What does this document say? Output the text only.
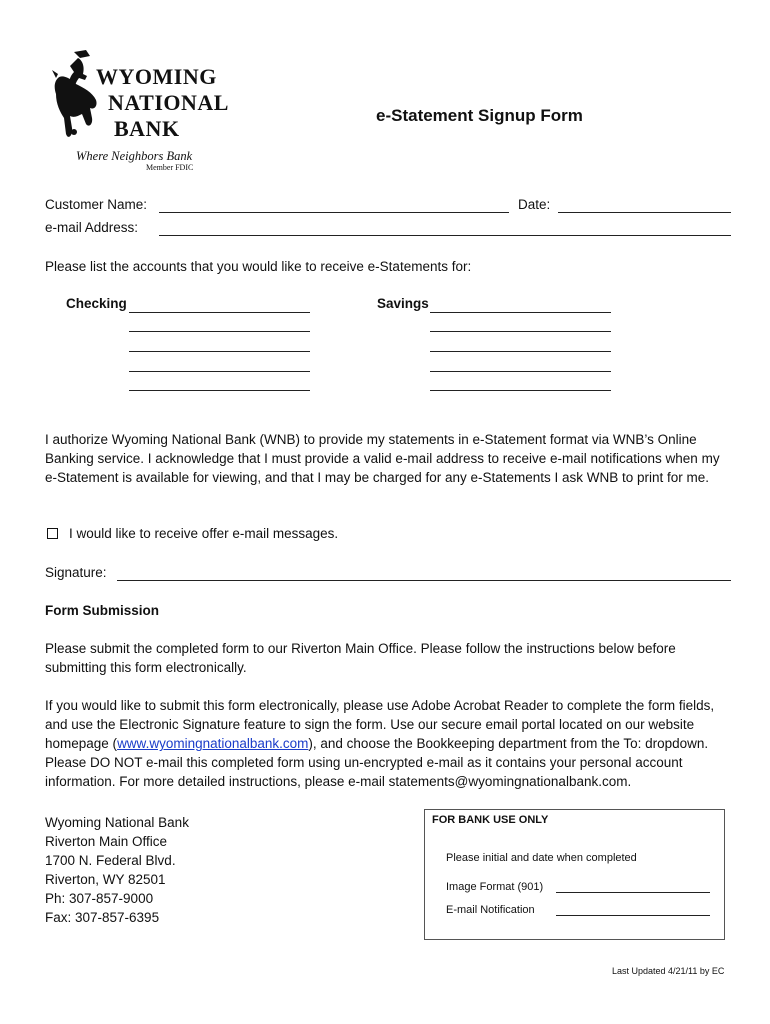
WYOMING
NATIONAL
BANK
Where Neighbors Bank
Member FDIC
e-Statement Signup Form
Customer Name:	Date:
e-mail Address:
Please list the accounts that you would like to receive e-Statements for:
Checking	Savings
I authorize Wyoming National Bank (WNB) to provide my statements in e-Statement format via WNB’s Online Banking service. I acknowledge that I must provide a valid e-mail address to receive e-mail notifications when my e-Statement is available for viewing, and that I may be charged for any e-Statements I ask WNB to print for me.
I would like to receive offer e-mail messages.
Signature:
Form Submission
Please submit the completed form to our Riverton Main Office. Please follow the instructions below before submitting this form electronically.
If you would like to submit this form electronically, please use Adobe Acrobat Reader to complete the form fields, and use the Electronic Signature feature to sign the form. Use our secure email portal located on our website homepage (www.wyomingnationalbank.com), and choose the Bookkeeping department from the To: dropdown. Please DO NOT e-mail this completed form using un-encrypted e-mail as it contains your personal account information. For more detailed instructions, please e-mail statements@wyomingnationalbank.com.
Wyoming National Bank
Riverton Main Office
1700 N. Federal Blvd.
Riverton, WY 82501
Ph: 307-857-9000
Fax: 307-857-6395
FOR BANK USE ONLY
Please initial and date when completed
Image Format (901)
E-mail Notification
Last Updated 4/21/11 by EC
